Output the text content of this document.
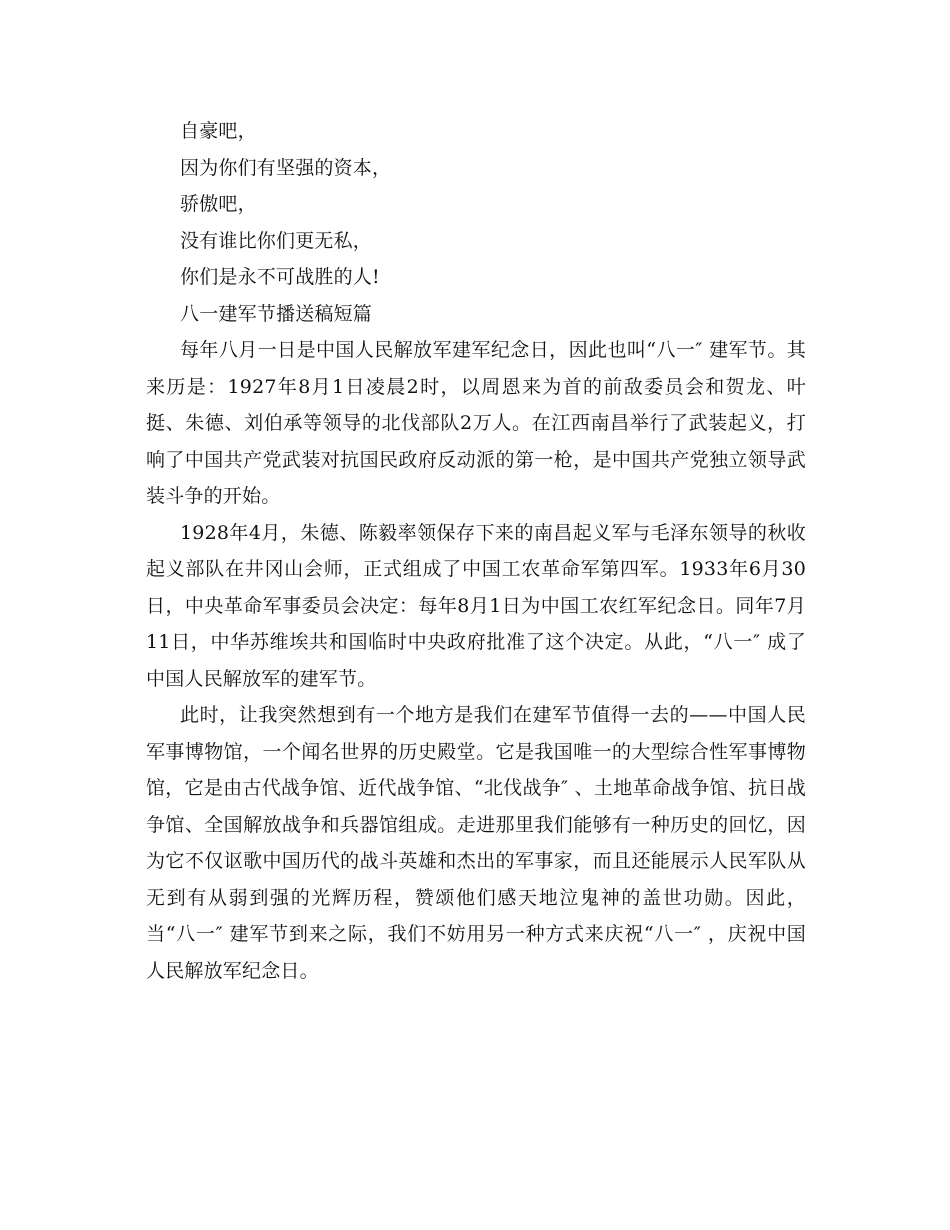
自豪吧，

因为你们有坚强的资本，

骄傲吧，

没有谁比你们更无私，

你们是永不可战胜的人!

八一建军节播送稿短篇

每年八月一日是中国人民解放军建军纪念日，因此也叫“八一″ 建军节。其来历是：1927年8月1日凌晨2时，以周恩来为首的前敌委员会和贺龙、叶挺、朱德、刘伯承等领导的北伐部队2万人。在江西南昌举行了武装起义，打响了中国共产党武装对抗国民政府反动派的第一枪，是中国共产党独立领导武装斗争的开始。

1928年4月，朱德、陈毅率领保存下来的南昌起义军与毛泽东领导的秋收起义部队在井冈山会师，正式组成了中国工农革命军第四军。1933年6月30日，中央革命军事委员会决定：每年8月1日为中国工农红军纪念日。同年7月11日，中华苏维埃共和国临时中央政府批准了这个决定。从此，“八一″ 成了中国人民解放军的建军节。

此时，让我突然想到有一个地方是我们在建军节值得一去的——中国人民军事博物馆，一个闻名世界的历史殿堂。它是我国唯一的大型综合性军事博物馆，它是由古代战争馆、近代战争馆、“北伐战争″ 、土地革命战争馆、抗日战争馆、全国解放战争和兵器馆组成。走进那里我们能够有一种历史的回忆，因为它不仅讴歌中国历代的战斗英雄和杰出的军事家，而且还能展示人民军队从无到有从弱到强的光辉历程，赞颂他们感天地泣鬼神的盖世功勋。因此，当“八一″ 建军节到来之际，我们不妨用另一种方式来庆祝“八一″ ，庆祝中国人民解放军纪念日。
